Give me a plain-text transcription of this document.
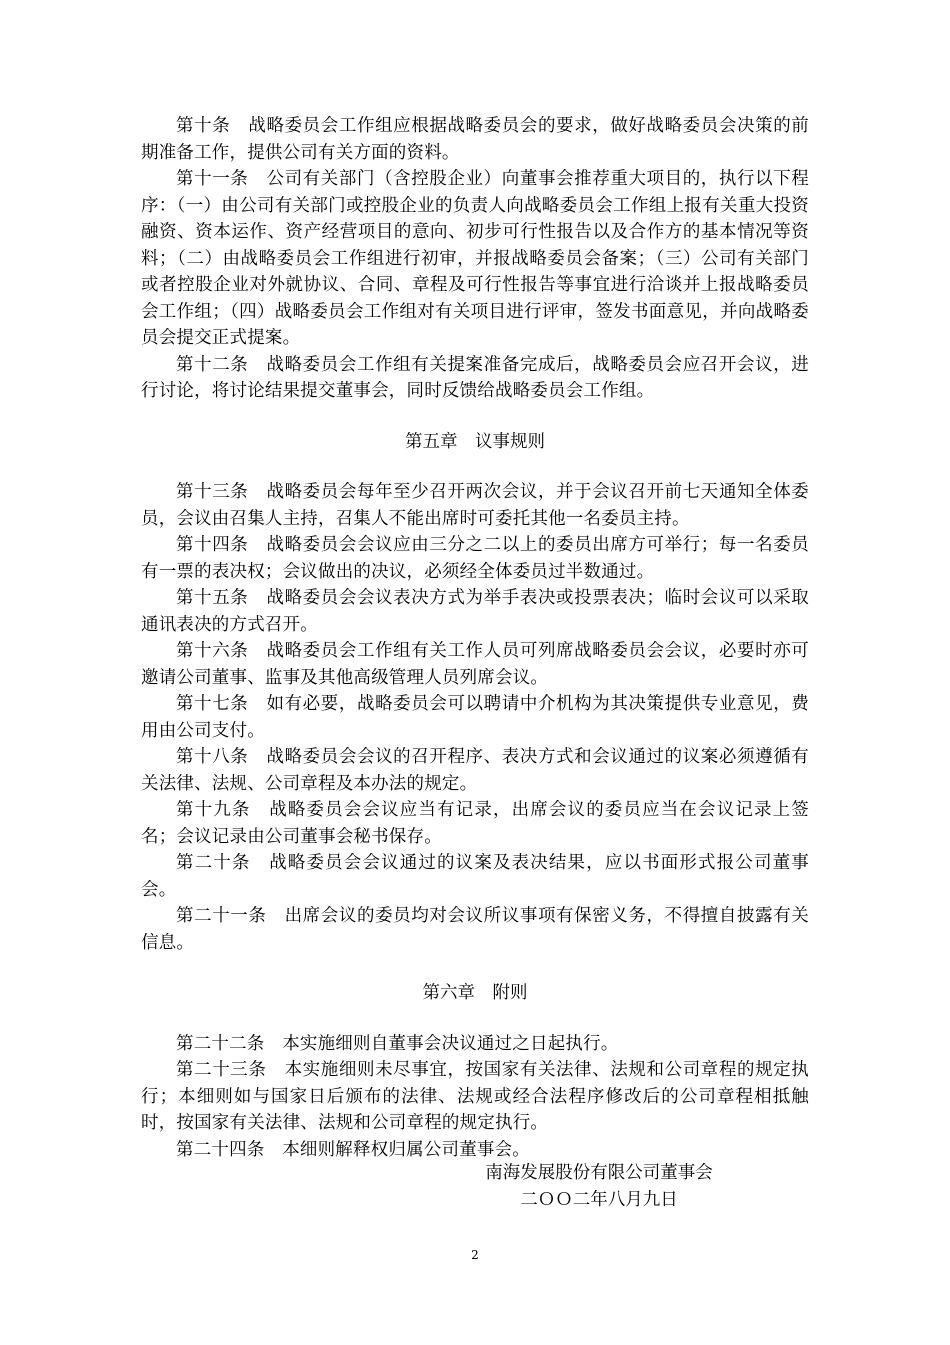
第十条　战略委员会工作组应根据战略委员会的要求，做好战略委员会决策的前期准备工作，提供公司有关方面的资料。

第十一条　公司有关部门（含控股企业）向董事会推荐重大项目的，执行以下程序：（一）由公司有关部门或控股企业的负责人向战略委员会工作组上报有关重大投资融资、资本运作、资产经营项目的意向、初步可行性报告以及合作方的基本情况等资料；（二）由战略委员会工作组进行初审，并报战略委员会备案；（三）公司有关部门或者控股企业对外就协议、合同、章程及可行性报告等事宜进行洽谈并上报战略委员会工作组；（四）战略委员会工作组对有关项目进行评审，签发书面意见，并向战略委员会提交正式提案。

第十二条　战略委员会工作组有关提案准备完成后，战略委员会应召开会议，进行讨论，将讨论结果提交董事会，同时反馈给战略委员会工作组。

第五章　议事规则

第十三条　战略委员会每年至少召开两次会议，并于会议召开前七天通知全体委员，会议由召集人主持，召集人不能出席时可委托其他一名委员主持。

第十四条　战略委员会会议应由三分之二以上的委员出席方可举行；每一名委员有一票的表决权；会议做出的决议，必须经全体委员过半数通过。

第十五条　战略委员会会议表决方式为举手表决或投票表决；临时会议可以采取通讯表决的方式召开。

第十六条　战略委员会工作组有关工作人员可列席战略委员会会议，必要时亦可邀请公司董事、监事及其他高级管理人员列席会议。

第十七条　如有必要，战略委员会可以聘请中介机构为其决策提供专业意见，费用由公司支付。

第十八条　战略委员会会议的召开程序、表决方式和会议通过的议案必须遵循有关法律、法规、公司章程及本办法的规定。

第十九条　战略委员会会议应当有记录，出席会议的委员应当在会议记录上签名；会议记录由公司董事会秘书保存。

第二十条　战略委员会会议通过的议案及表决结果，应以书面形式报公司董事会。

第二十一条　出席会议的委员均对会议所议事项有保密义务，不得擅自披露有关信息。

第六章　附则

第二十二条　本实施细则自董事会决议通过之日起执行。

第二十三条　本实施细则未尽事宜，按国家有关法律、法规和公司章程的规定执行；本细则如与国家日后颁布的法律、法规或经合法程序修改后的公司章程相抵触时，按国家有关法律、法规和公司章程的规定执行。

第二十四条　本细则解释权归属公司董事会。

南海发展股份有限公司董事会
二ＯＯ二年八月九日
2
